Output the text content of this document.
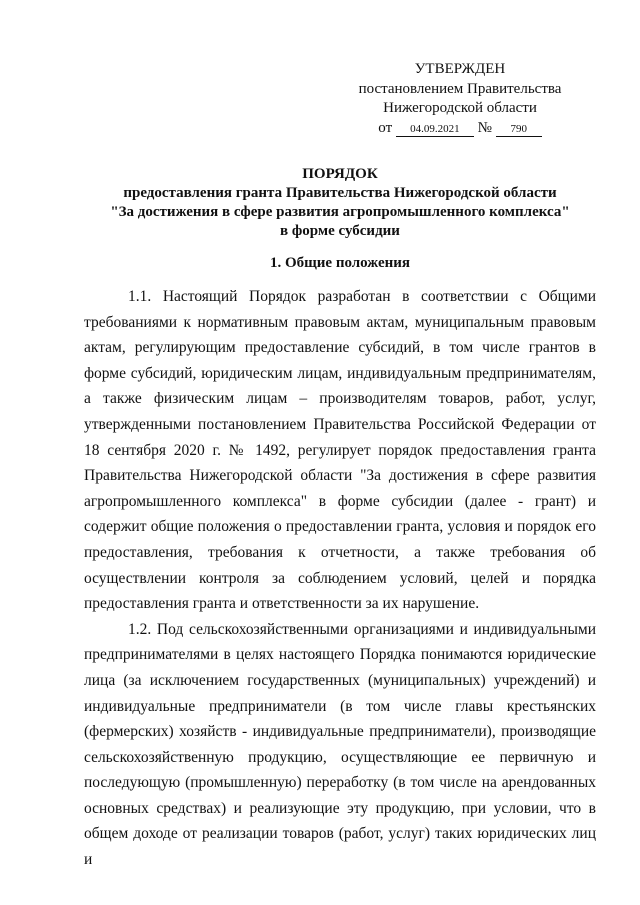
УТВЕРЖДЕН
постановлением Правительства
Нижегородской области
от 04.09.2021 № 790
ПОРЯДОК
предоставления гранта Правительства Нижегородской области
"За достижения в сфере развития агропромышленного комплекса"
в форме субсидии
1. Общие положения

1.1. Настоящий Порядок разработан в соответствии с Общими требованиями к нормативным правовым актам, муниципальным правовым актам, регулирующим предоставление субсидий, в том числе грантов в форме субсидий, юридическим лицам, индивидуальным предпринимателям, а также физическим лицам – производителям товаров, работ, услуг, утвержденными постановлением Правительства Российской Федерации от 18 сентября 2020 г. № 1492, регулирует порядок предоставления гранта Правительства Нижегородской области "За достижения в сфере развития агропромышленного комплекса" в форме субсидии (далее - грант) и содержит общие положения о предоставлении гранта, условия и порядок его предоставления, требования к отчетности, а также требования об осуществлении контроля за соблюдением условий, целей и порядка предоставления гранта и ответственности за их нарушение.

1.2. Под сельскохозяйственными организациями и индивидуальными предпринимателями в целях настоящего Порядка понимаются юридические лица (за исключением государственных (муниципальных) учреждений) и индивидуальные предприниматели (в том числе главы крестьянских (фермерских) хозяйств - индивидуальные предприниматели), производящие сельскохозяйственную продукцию, осуществляющие ее первичную и последующую (промышленную) переработку (в том числе на арендованных основных средствах) и реализующие эту продукцию, при условии, что в общем доходе от реализации товаров (работ, услуг) таких юридических лиц и
